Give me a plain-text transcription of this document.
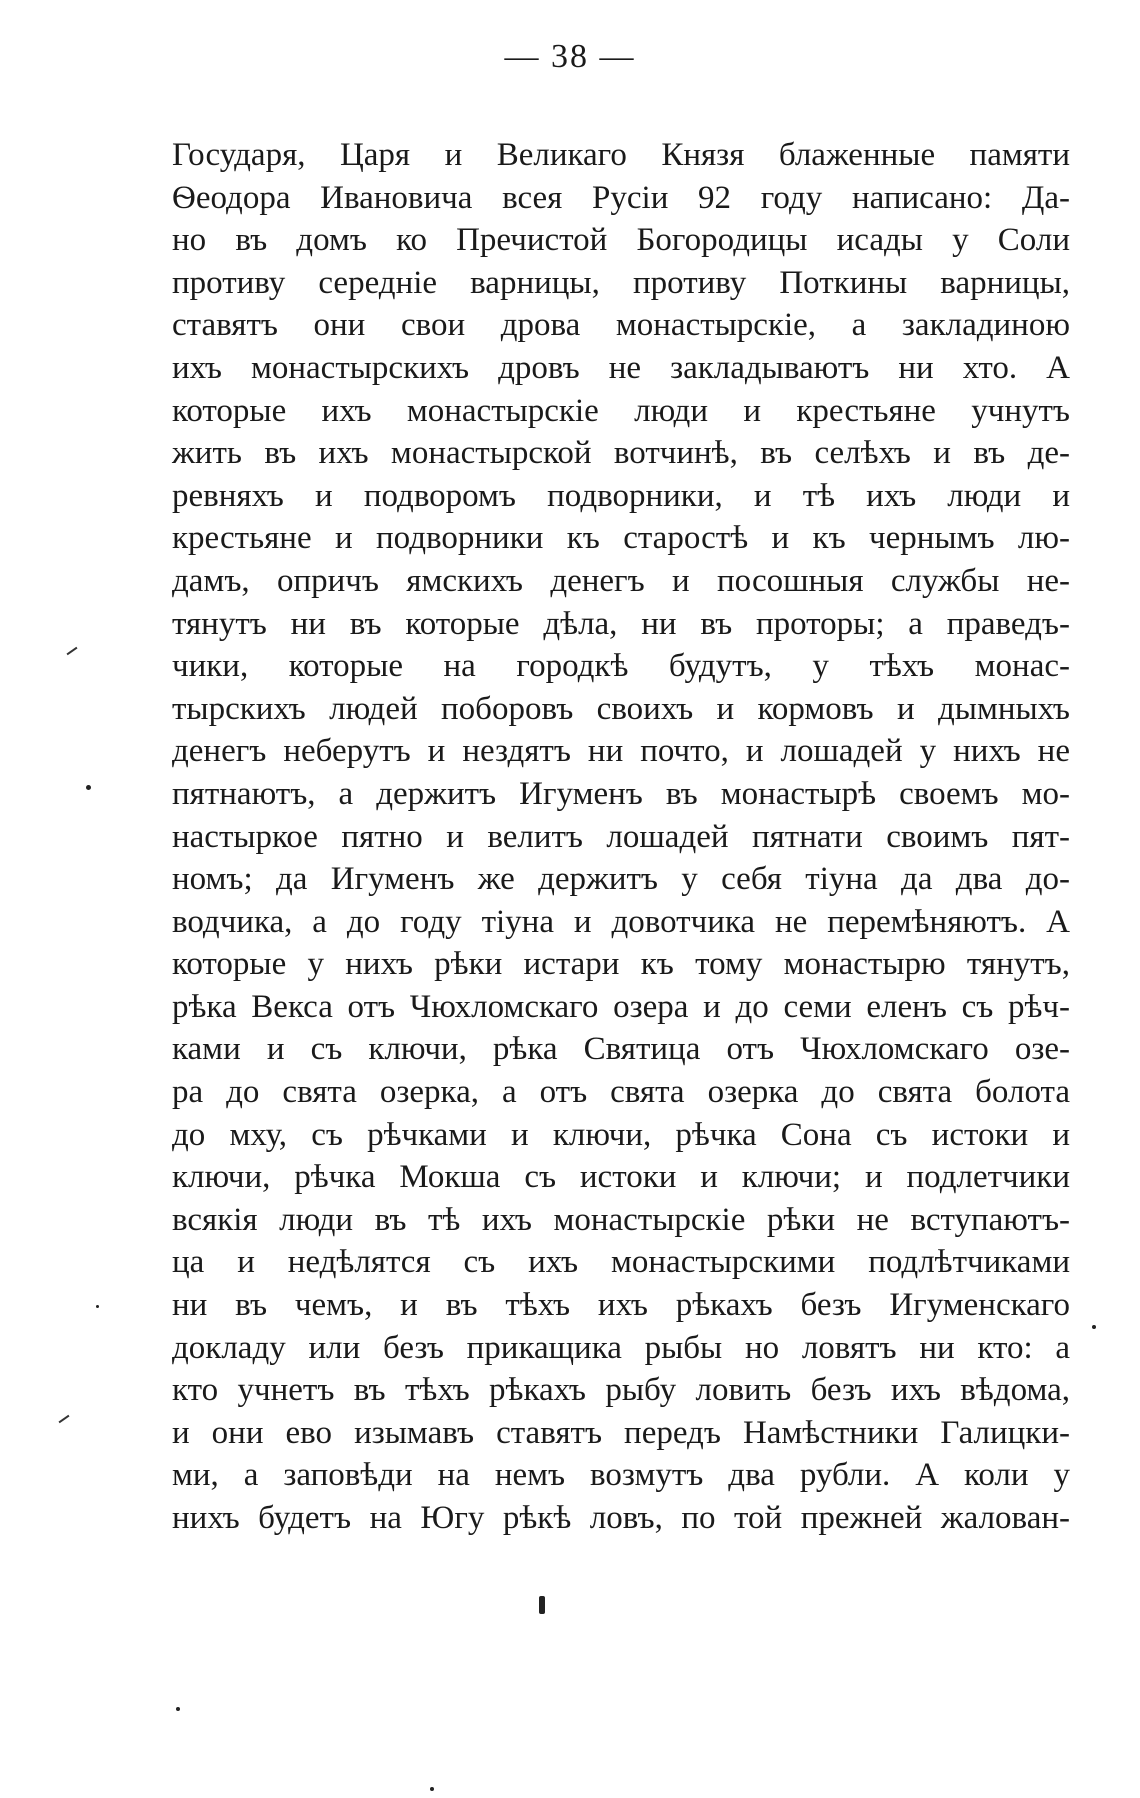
— 38 —
Государя, Царя и Великаго Князя блаженные памяти
Ѳеодора Ивановича всея Русіи 92 году написано: Да-
но въ домъ ко Пречистой Богородицы исады у Соли
противу середніе варницы, противу Поткины варницы,
ставятъ они свои дрова монастырскіе, а закладиною
ихъ монастырскихъ дровъ не закладываютъ ни хто. А
которые ихъ монастырскіе люди и крестьяне учнутъ
жить въ ихъ монастырской вотчинѣ, въ селѣхъ и въ де-
ревняхъ и подворомъ подворники, и тѣ ихъ люди и
крестьяне и подворники къ старостѣ и къ чернымъ лю-
дамъ, опричъ ямскихъ денегъ и посошныя службы не-
тянутъ ни въ которые дѣла, ни въ проторы; а праведъ-
чики, которые на городкѣ будутъ, у тѣхъ монас-
тырскихъ людей поборовъ своихъ и кормовъ и дымныхъ
денегъ неберутъ и нездятъ ни почто, и лошадей у нихъ не
пятнаютъ, а держитъ Игуменъ въ монастырѣ своемъ мо-
настыркое пятно и велитъ лошадей пятнати своимъ пят-
номъ; да Игуменъ же держитъ у себя тіуна да два до-
водчика, а до году тіуна и довотчика не перемѣняютъ. А
которые у нихъ рѣки истари къ тому монастырю тянутъ,
рѣка Векса отъ Чюхломскаго озера и до семи еленъ съ рѣч-
ками и съ ключи, рѣка Святица отъ Чюхломскаго озе-
ра до свята озерка, а отъ свята озерка до свята болота
до мху, съ рѣчками и ключи, рѣчка Сона съ истоки и
ключи, рѣчка Мокша съ истоки и ключи; и подлетчики
всякія люди въ тѣ ихъ монастырскіе рѣки не вступаютъ-
ца и недѣлятся съ ихъ монастырскими подлѣтчиками
ни въ чемъ, и въ тѣхъ ихъ рѣкахъ безъ Игуменскаго
докладу или безъ прикащика рыбы но ловятъ ни кто: а
кто учнетъ въ тѣхъ рѣкахъ рыбу ловить безъ ихъ вѣдома,
и они ево изымавъ ставятъ передъ Намѣстники Галицки-
ми, а заповѣди на немъ возмутъ два рубли. А коли у
нихъ будетъ на Югу рѣкѣ ловъ, по той прежней жалован-
